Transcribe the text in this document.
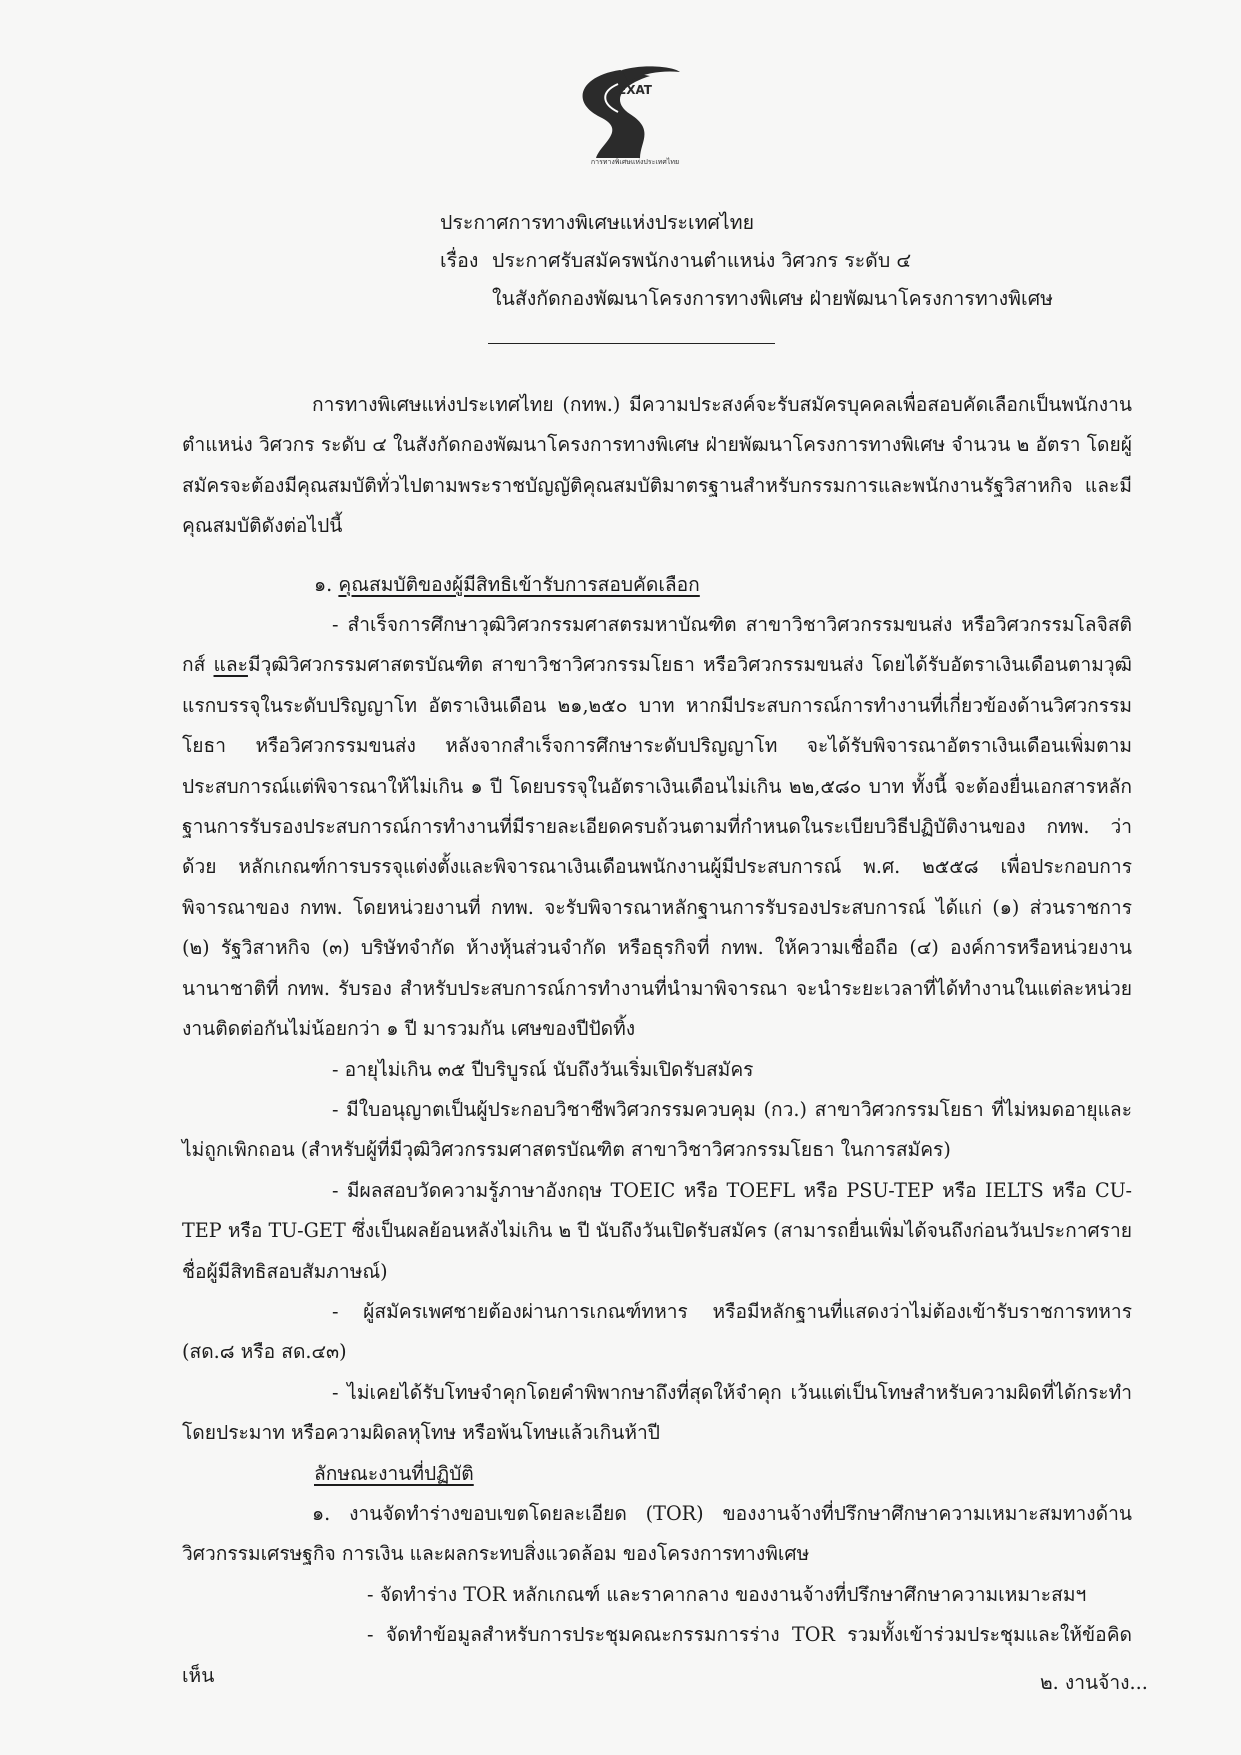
EXAT
การทางพิเศษแห่งประเทศไทย
ประกาศการทางพิเศษแห่งประเทศไทย
เรื่อง ประกาศรับสมัครพนักงานตำแหน่ง วิศวกร ระดับ ๔
ในสังกัดกองพัฒนาโครงการทางพิเศษ ฝ่ายพัฒนาโครงการทางพิเศษ

การทางพิเศษแห่งประเทศไทย (กทพ.) มีความประสงค์จะรับสมัครบุคคลเพื่อสอบคัดเลือกเป็นพนักงานตำแหน่ง วิศวกร ระดับ ๔ ในสังกัดกองพัฒนาโครงการทางพิเศษ ฝ่ายพัฒนาโครงการทางพิเศษ จำนวน ๒ อัตรา โดยผู้สมัครจะต้องมีคุณสมบัติทั่วไปตามพระราชบัญญัติคุณสมบัติมาตรฐานสำหรับกรรมการและพนักงานรัฐวิสาหกิจ และมีคุณสมบัติดังต่อไปนี้

๑. คุณสมบัติของผู้มีสิทธิเข้ารับการสอบคัดเลือก

- สำเร็จการศึกษาวุฒิวิศวกรรมศาสตรมหาบัณฑิต สาขาวิชาวิศวกรรมขนส่ง หรือวิศวกรรมโลจิสติกส์ และมีวุฒิวิศวกรรมศาสตรบัณฑิต สาขาวิชาวิศวกรรมโยธา หรือวิศวกรรมขนส่ง โดยได้รับอัตราเงินเดือนตามวุฒิแรกบรรจุในระดับปริญญาโท อัตราเงินเดือน ๒๑,๒๕๐ บาท หากมีประสบการณ์การทำงานที่เกี่ยวข้องด้านวิศวกรรมโยธา หรือวิศวกรรมขนส่ง หลังจากสำเร็จการศึกษาระดับปริญญาโท จะได้รับพิจารณาอัตราเงินเดือนเพิ่มตามประสบการณ์แต่พิจารณาให้ไม่เกิน ๑ ปี โดยบรรจุในอัตราเงินเดือนไม่เกิน ๒๒,๕๘๐ บาท ทั้งนี้ จะต้องยื่นเอกสารหลักฐานการรับรองประสบการณ์การทำงานที่มีรายละเอียดครบถ้วนตามที่กำหนดในระเบียบวิธีปฏิบัติงานของ กทพ. ว่าด้วย หลักเกณฑ์การบรรจุแต่งตั้งและพิจารณาเงินเดือนพนักงานผู้มีประสบการณ์ พ.ศ. ๒๕๕๘ เพื่อประกอบการพิจารณาของ กทพ. โดยหน่วยงานที่ กทพ. จะรับพิจารณาหลักฐานการรับรองประสบการณ์ ได้แก่ (๑) ส่วนราชการ (๒) รัฐวิสาหกิจ (๓) บริษัทจำกัด ห้างหุ้นส่วนจำกัด หรือธุรกิจที่ กทพ. ให้ความเชื่อถือ (๔) องค์การหรือหน่วยงานนานาชาติที่ กทพ. รับรอง สำหรับประสบการณ์การทำงานที่นำมาพิจารณา จะนำระยะเวลาที่ได้ทำงานในแต่ละหน่วยงานติดต่อกันไม่น้อยกว่า ๑ ปี มารวมกัน เศษของปีปัดทิ้ง

- อายุไม่เกิน ๓๕ ปีบริบูรณ์ นับถึงวันเริ่มเปิดรับสมัคร

- มีใบอนุญาตเป็นผู้ประกอบวิชาชีพวิศวกรรมควบคุม (กว.) สาขาวิศวกรรมโยธา ที่ไม่หมดอายุและไม่ถูกเพิกถอน (สำหรับผู้ที่มีวุฒิวิศวกรรมศาสตรบัณฑิต สาขาวิชาวิศวกรรมโยธา ในการสมัคร)

- มีผลสอบวัดความรู้ภาษาอังกฤษ TOEIC หรือ TOEFL หรือ PSU-TEP หรือ IELTS หรือ CU-TEP หรือ TU-GET ซึ่งเป็นผลย้อนหลังไม่เกิน ๒ ปี นับถึงวันเปิดรับสมัคร (สามารถยื่นเพิ่มได้จนถึงก่อนวันประกาศรายชื่อผู้มีสิทธิสอบสัมภาษณ์)

- ผู้สมัครเพศชายต้องผ่านการเกณฑ์ทหาร หรือมีหลักฐานที่แสดงว่าไม่ต้องเข้ารับราชการทหาร (สด.๘ หรือ สด.๔๓)

- ไม่เคยได้รับโทษจำคุกโดยคำพิพากษาถึงที่สุดให้จำคุก เว้นแต่เป็นโทษสำหรับความผิดที่ได้กระทำโดยประมาท หรือความผิดลหุโทษ หรือพ้นโทษแล้วเกินห้าปี

ลักษณะงานที่ปฏิบัติ

๑. งานจัดทำร่างขอบเขตโดยละเอียด (TOR) ของงานจ้างที่ปรึกษาศึกษาความเหมาะสมทางด้านวิศวกรรมเศรษฐกิจ การเงิน และผลกระทบสิ่งแวดล้อม ของโครงการทางพิเศษ

- จัดทำร่าง TOR หลักเกณฑ์ และราคากลาง ของงานจ้างที่ปรึกษาศึกษาความเหมาะสมฯ

- จัดทำข้อมูลสำหรับการประชุมคณะกรรมการร่าง TOR รวมทั้งเข้าร่วมประชุมและให้ข้อคิดเห็น	๒. งานจ้าง...
